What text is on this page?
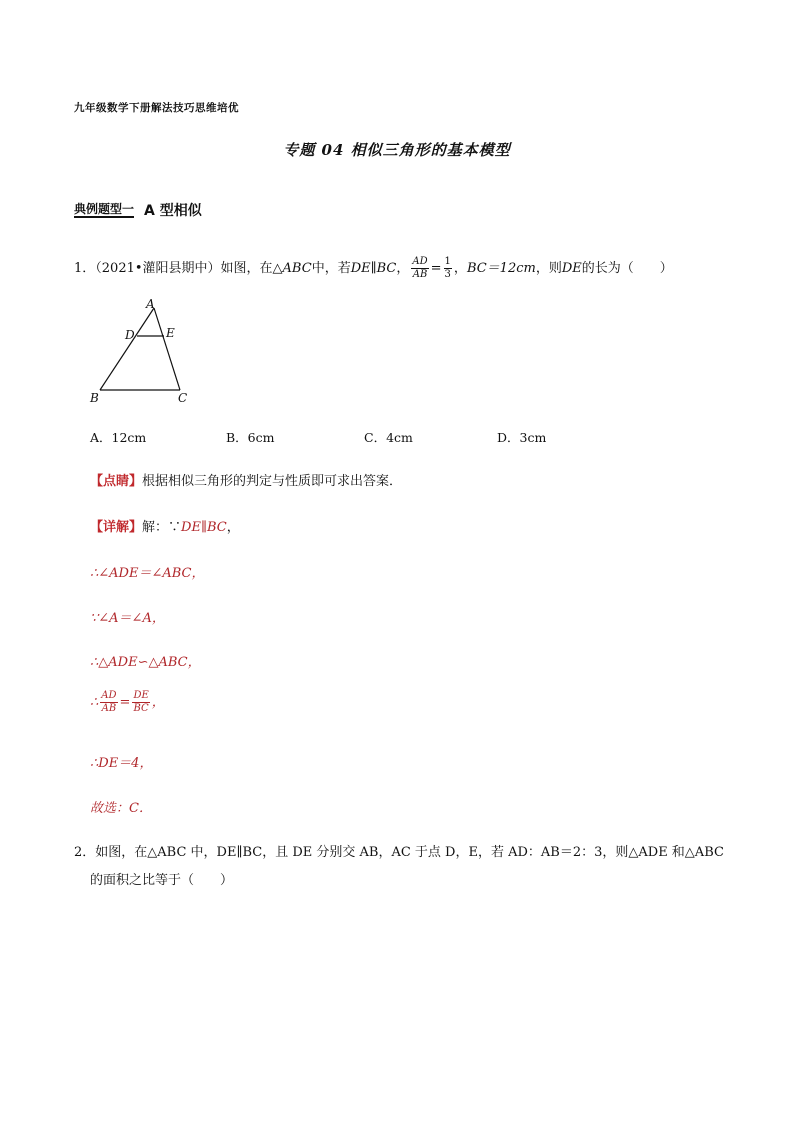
九年级数学下册解法技巧思维培优
专题 04 相似三角形的基本模型
典例题型一 A 型相似
1．（2021•灌阳县期中）如图，在△ABC中，若DE∥BC， $\frac{AD}{AB} = \frac{1}{3}$ ，BC＝12cm，则DE的长为（　　）
A
D	E
B	C
A．12cm	B．6cm	C．4cm	D．3cm
【点睛】根据相似三角形的判定与性质即可求出答案．
【详解】解：∵DE∥BC，
∴∠ADE＝∠ABC，
∵∠A＝∠A，
∴△ADE∽△ABC，
∴ $\frac{AD}{AB} = \frac{DE}{BC}$ ，
∴DE＝4，
故选：C．
2．如图，在△ABC 中，DE∥BC，且 DE 分别交 AB，AC 于点 D，E，若 AD：AB＝2：3，则△ADE 和△ABC
的面积之比等于（　　）
